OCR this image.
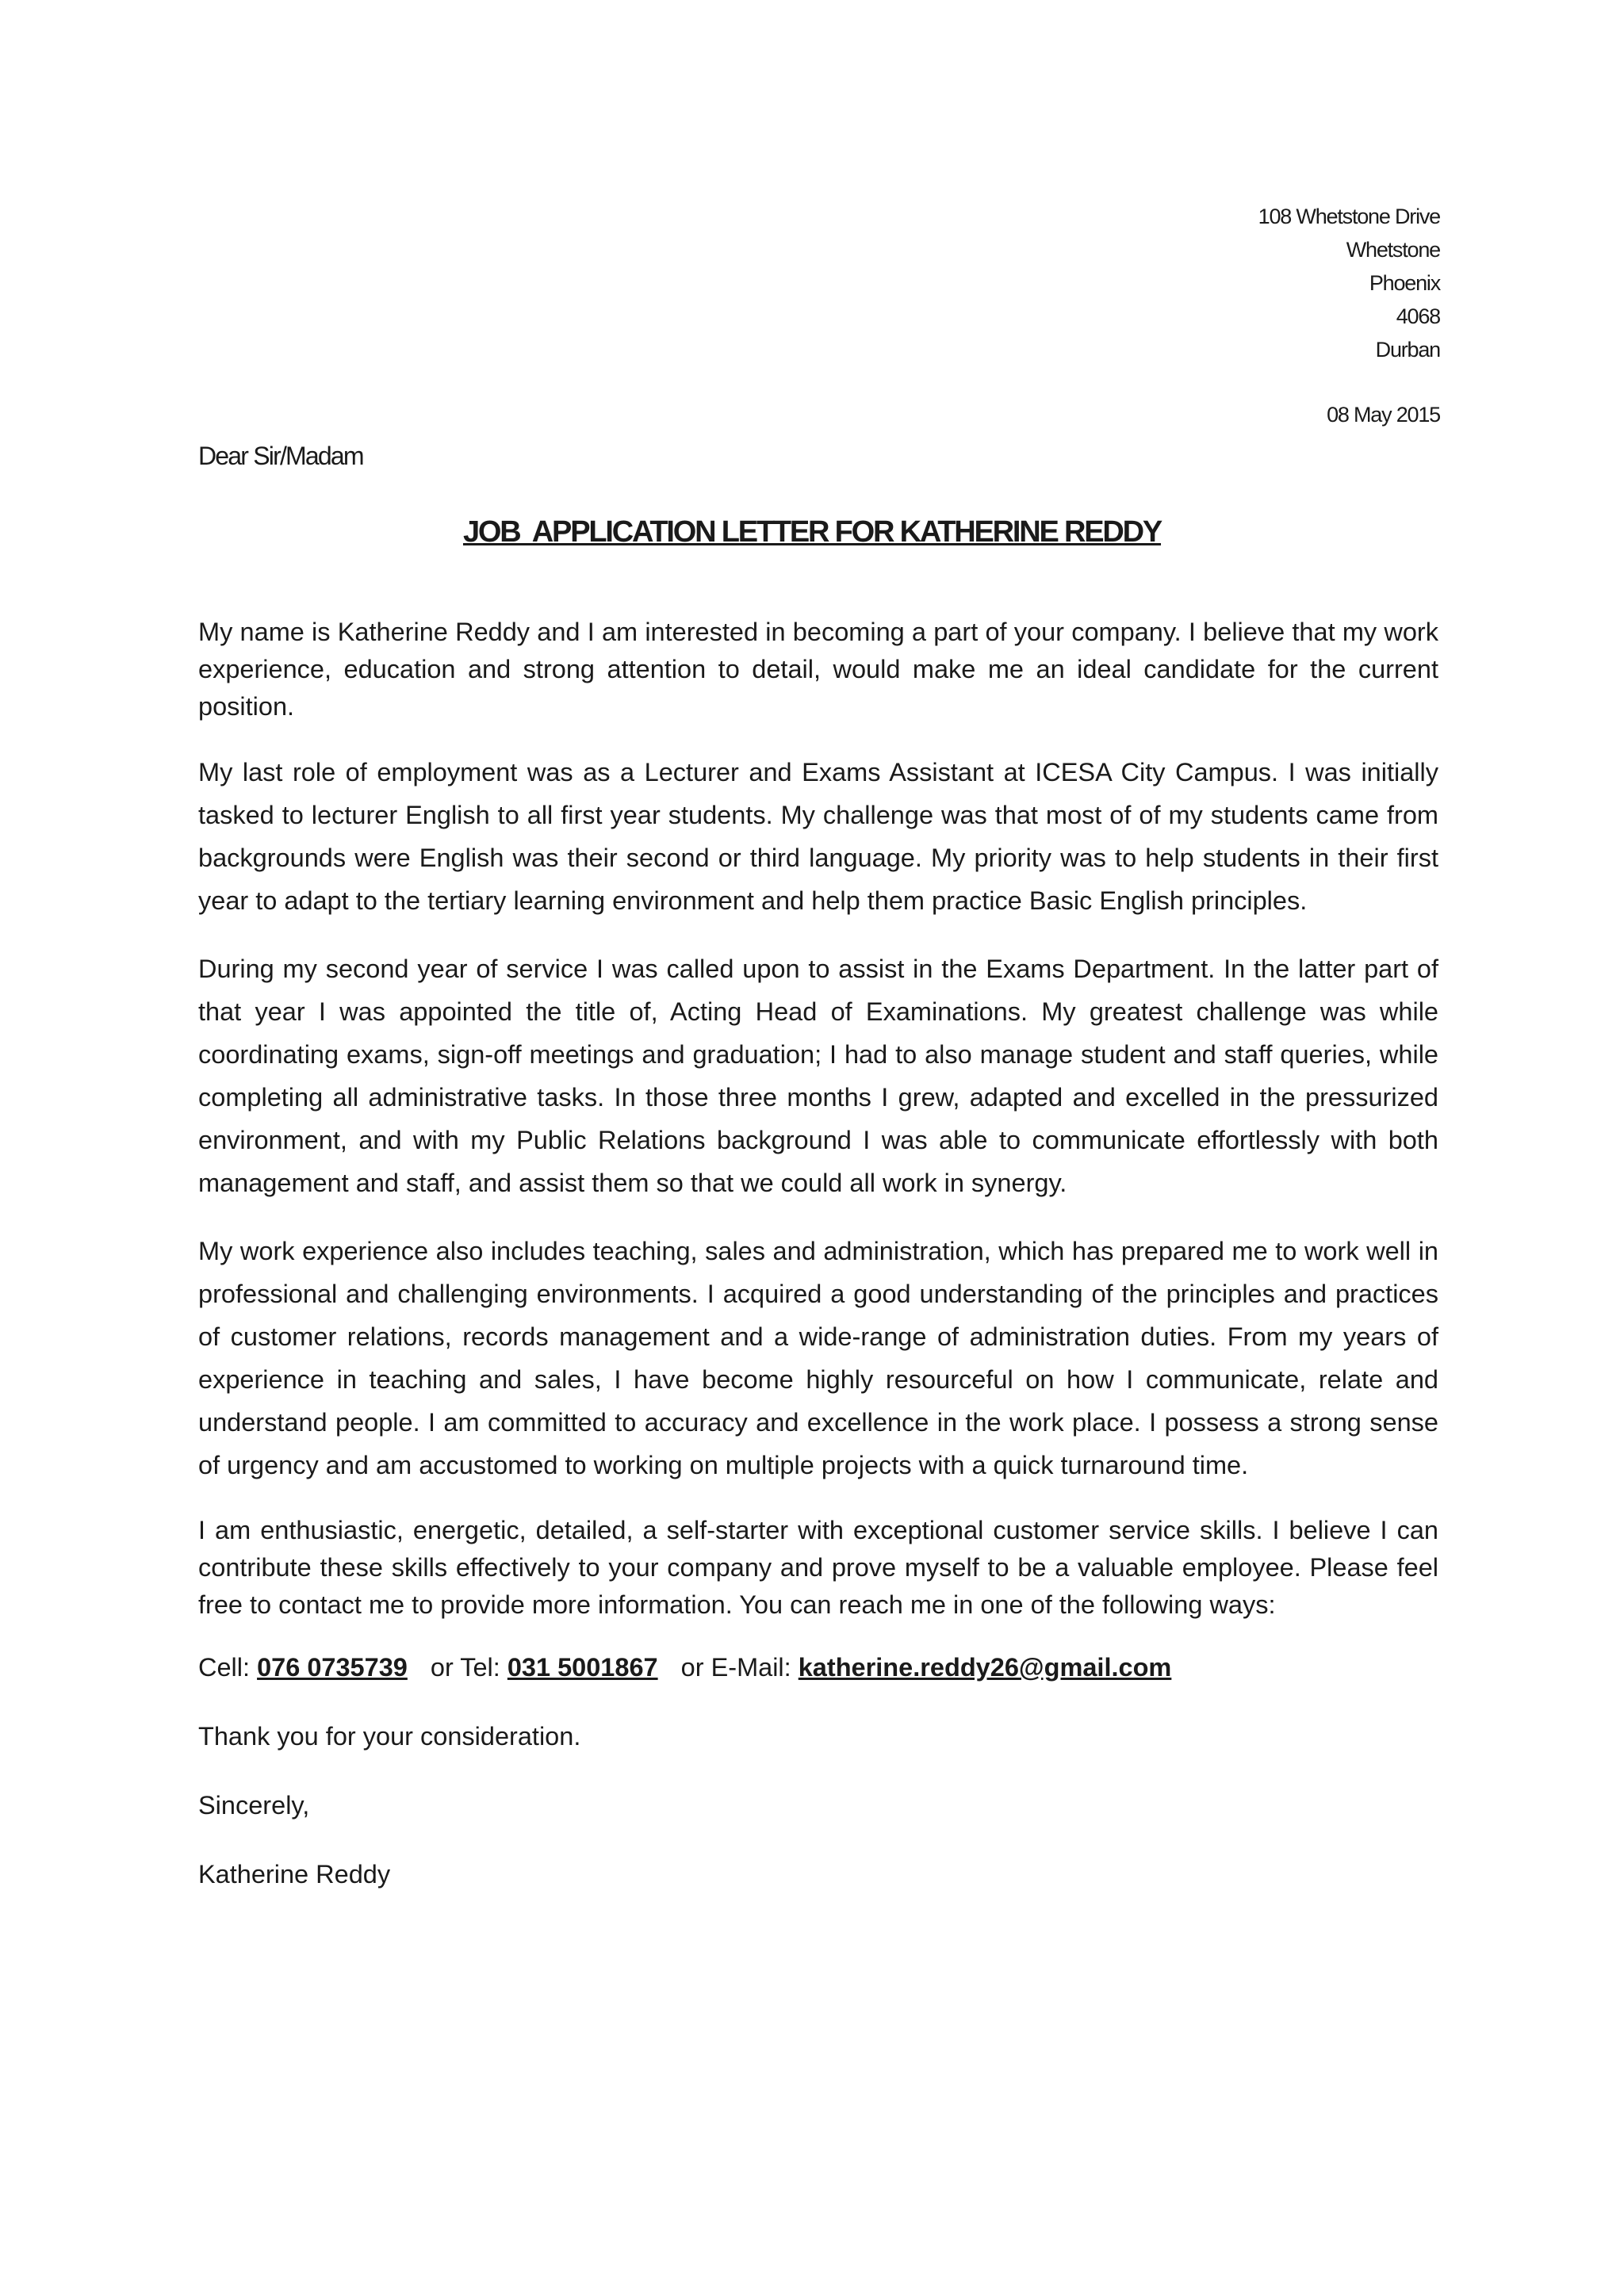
108 Whetstone Drive
Whetstone
Phoenix
4068
Durban
08 May 2015
Dear Sir/Madam
JOB  APPLICATION LETTER FOR KATHERINE REDDY

My name is Katherine Reddy and I am interested in becoming a part of your company. I believe that my work experience, education and strong attention to detail, would make me an ideal candidate for the current position.

My last role of employment was as a Lecturer and Exams Assistant at ICESA City Campus. I was initially tasked to lecturer English to all first year students. My challenge was that most of of my students came from backgrounds were English was their second or third language. My priority was to help students in their first year to adapt to the tertiary learning environment and help them practice Basic English principles.

During my second year of service I was called upon to assist in the Exams Department. In the latter part of that year I was appointed the title of, Acting Head of Examinations. My greatest challenge was while coordinating exams, sign-off meetings and graduation; I had to also manage student and staff queries, while completing all administrative tasks. In those three months I grew, adapted and excelled in the pressurized environment, and with my Public Relations background I was able to communicate effortlessly with both management and staff, and assist them so that we could all work in synergy.

My work experience also includes teaching, sales and administration, which has prepared me to work well in professional and challenging environments. I acquired a good understanding of the principles and practices of customer relations, records management and a wide-range of administration duties. From my years of experience in teaching and sales, I have become highly resourceful on how I communicate, relate and understand people. I am committed to accuracy and excellence in the work place. I possess a strong sense of urgency and am accustomed to working on multiple projects with a quick turnaround time.

I am enthusiastic, energetic, detailed, a self-starter with exceptional customer service skills. I believe I can contribute these skills effectively to your company and prove myself to be a valuable employee. Please feel free to contact me to provide more information. You can reach me in one of the following ways:

Cell: 076 0735739 or Tel: 031 5001867 or E-Mail: katherine.reddy26@gmail.com

Thank you for your consideration.

Sincerely,

Katherine Reddy
